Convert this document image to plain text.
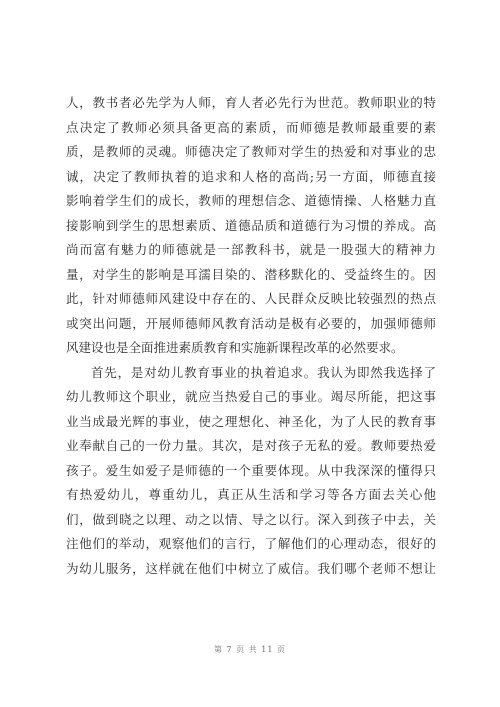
人，教书者必先学为人师，育人者必先行为世范。教师职业的特
点决定了教师必须具备更高的素质，而师德是教师最重要的素
质，是教师的灵魂。师德决定了教师对学生的热爱和对事业的忠
诚，决定了教师执着的追求和人格的高尚;另一方面，师德直接
影响着学生们的成长，教师的理想信念、道德情操、人格魅力直
接影响到学生的思想素质、道德品质和道德行为习惯的养成。高
尚而富有魅力的师德就是一部教科书，就是一股强大的精神力
量，对学生的影响是耳濡目染的、潜移默化的、受益终生的。因
此，针对师德师风建设中存在的、人民群众反映比较强烈的热点
或突出问题，开展师德师风教育活动是极有必要的，加强师德师
风建设也是全面推进素质教育和实施新课程改革的必然要求。
首先，是对幼儿教育事业的执着追求。我认为即然我选择了
幼儿教师这个职业，就应当热爱自己的事业。竭尽所能，把这事
业当成最光辉的事业，使之理想化、神圣化，为了人民的教育事
业奉献自己的一份力量。其次，是对孩子无私的爱。教师要热爱
孩子。爱生如爱子是师德的一个重要体现。从中我深深的懂得只
有热爱幼儿，尊重幼儿，真正从生活和学习等各方面去关心他
们，做到晓之以理、动之以情、导之以行。深入到孩子中去，关
注他们的举动，观察他们的言行，了解他们的心理动态，很好的
为幼儿服务，这样就在他们中树立了威信。我们哪个老师不想让
第 7 页 共 11 页
